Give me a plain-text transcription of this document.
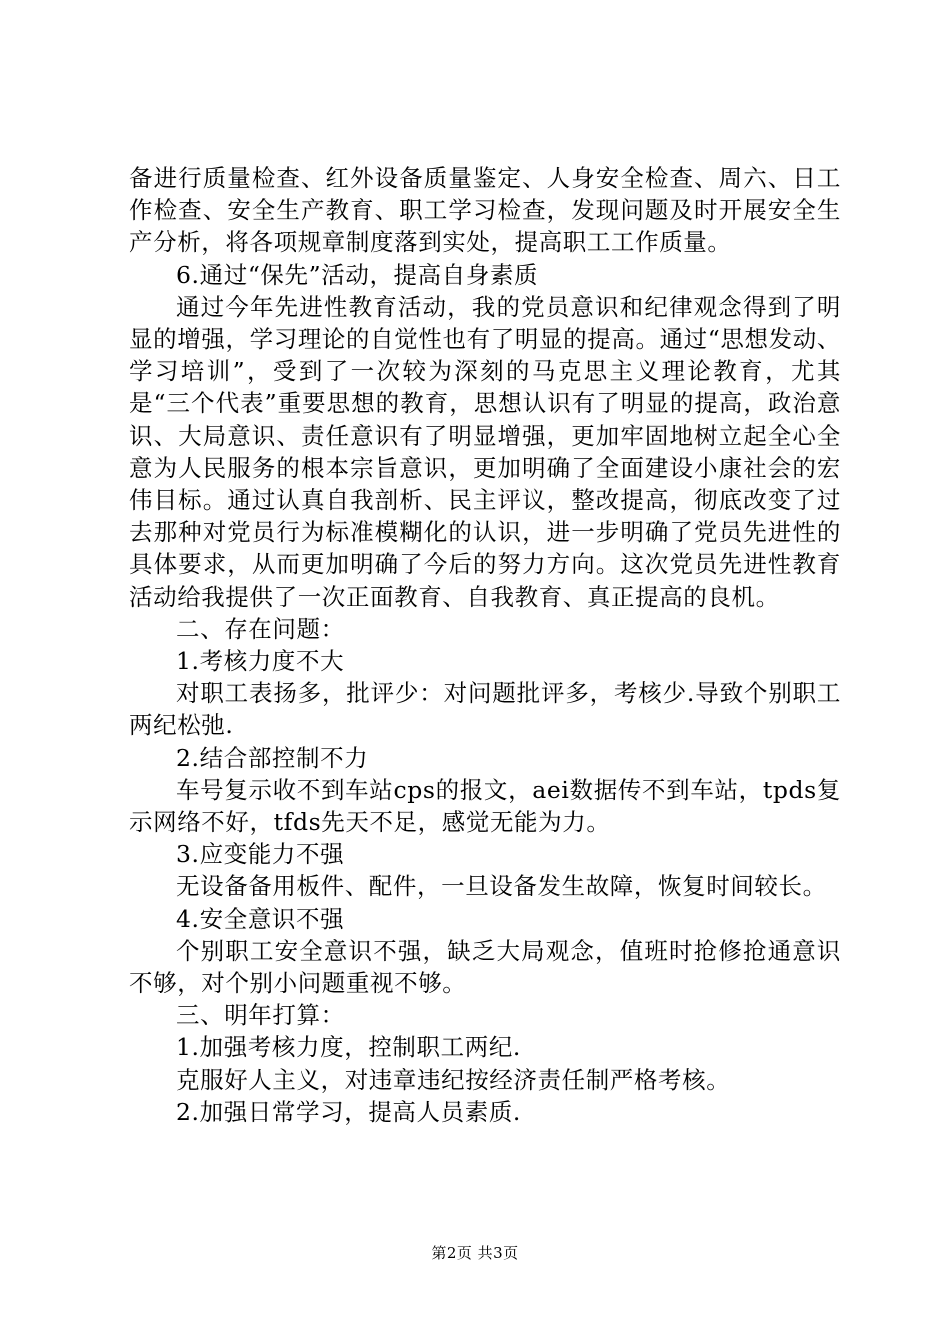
备进行质量检查、红外设备质量鉴定、人身安全检查、周六、日工作检查、安全生产教育、职工学习检查，发现问题及时开展安全生产分析，将各项规章制度落到实处，提高职工工作质量。

6.通过“保先”活动，提高自身素质

通过今年先进性教育活动，我的党员意识和纪律观念得到了明显的增强，学习理论的自觉性也有了明显的提高。通过“思想发动、学习培训”，受到了一次较为深刻的马克思主义理论教育，尤其是“三个代表”重要思想的教育，思想认识有了明显的提高，政治意识、大局意识、责任意识有了明显增强，更加牢固地树立起全心全意为人民服务的根本宗旨意识，更加明确了全面建设小康社会的宏伟目标。通过认真自我剖析、民主评议，整改提高，彻底改变了过去那种对党员行为标准模糊化的认识，进一步明确了党员先进性的具体要求，从而更加明确了今后的努力方向。这次党员先进性教育活动给我提供了一次正面教育、自我教育、真正提高的良机。

二、存在问题：

1.考核力度不大

对职工表扬多，批评少：对问题批评多，考核少.导致个别职工两纪松弛.

2.结合部控制不力

车号复示收不到车站cps的报文，aei数据传不到车站，tpds复示网络不好，tfds先天不足，感觉无能为力。

3.应变能力不强

无设备备用板件、配件，一旦设备发生故障，恢复时间较长。

4.安全意识不强

个别职工安全意识不强，缺乏大局观念，值班时抢修抢通意识不够，对个别小问题重视不够。

三、明年打算：

1.加强考核力度，控制职工两纪.

克服好人主义，对违章违纪按经济责任制严格考核。

2.加强日常学习，提高人员素质.

第2页 共3页
